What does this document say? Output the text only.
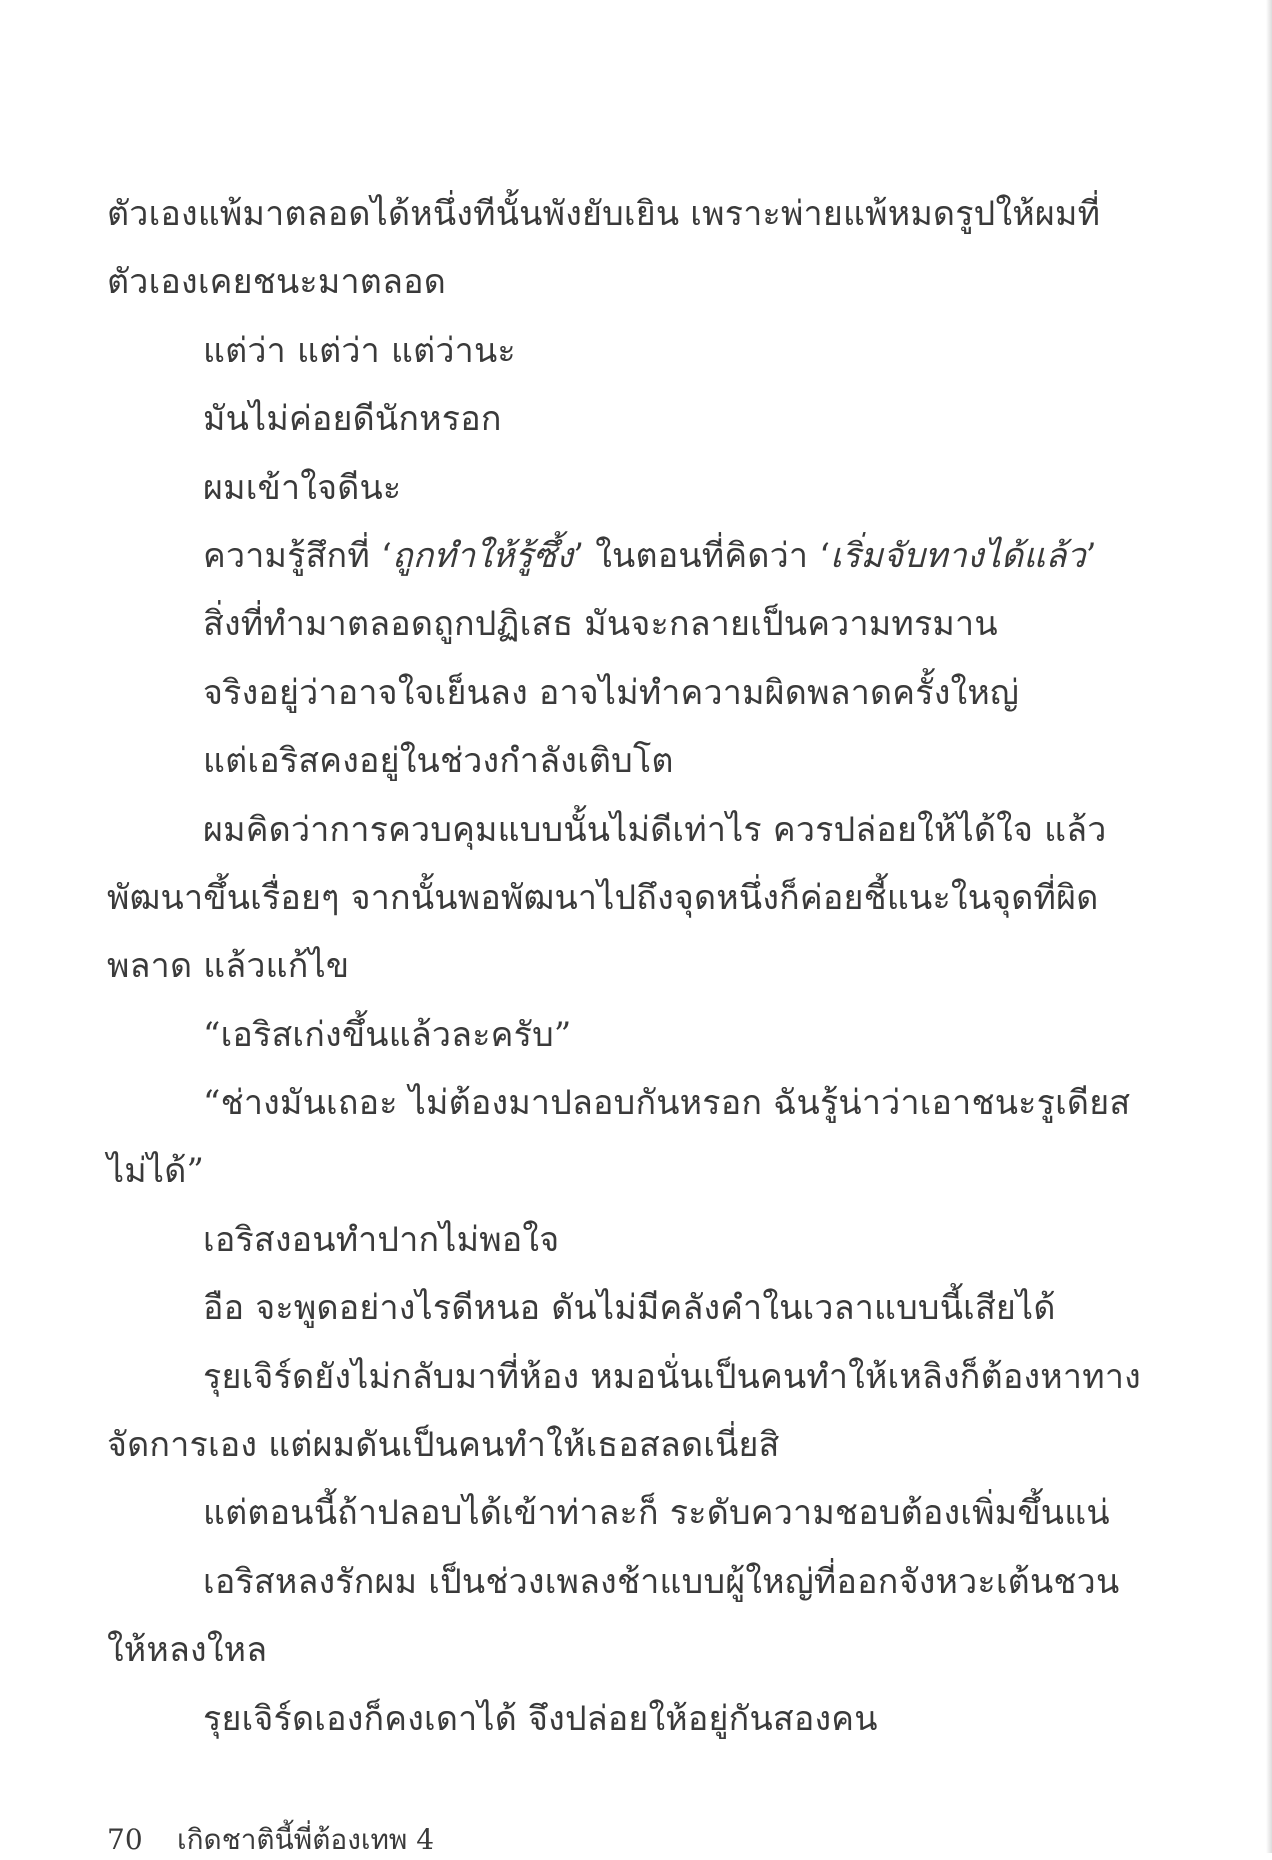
ตัวเองแพ้มาตลอดได้หนึ่งทีนั้นพังยับเยิน เพราะพ่ายแพ้หมดรูปให้ผมที่
ตัวเองเคยชนะมาตลอด
แต่ว่า แต่ว่า แต่ว่านะ
มันไม่ค่อยดีนักหรอก
ผมเข้าใจดีนะ
ความรู้สึกที่ ‘ถูกทำให้รู้ซึ้ง’ ในตอนที่คิดว่า ‘เริ่มจับทางได้แล้ว’
สิ่งที่ทำมาตลอดถูกปฏิเสธ มันจะกลายเป็นความทรมาน
จริงอยู่ว่าอาจใจเย็นลง อาจไม่ทำความผิดพลาดครั้งใหญ่
แต่เอริสคงอยู่ในช่วงกำลังเติบโต
ผมคิดว่าการควบคุมแบบนั้นไม่ดีเท่าไร ควรปล่อยให้ได้ใจ แล้ว
พัฒนาขึ้นเรื่อยๆ จากนั้นพอพัฒนาไปถึงจุดหนึ่งก็ค่อยชี้แนะในจุดที่ผิด
พลาด แล้วแก้ไข
“เอริสเก่งขึ้นแล้วละครับ”
“ช่างมันเถอะ ไม่ต้องมาปลอบกันหรอก ฉันรู้น่าว่าเอาชนะรูเดียส
ไม่ได้”
เอริสงอนทำปากไม่พอใจ
อือ จะพูดอย่างไรดีหนอ ดันไม่มีคลังคำในเวลาแบบนี้เสียได้
รุยเจิร์ดยังไม่กลับมาที่ห้อง หมอนั่นเป็นคนทำให้เหลิงก็ต้องหาทาง
จัดการเอง แต่ผมดันเป็นคนทำให้เธอสลดเนี่ยสิ
แต่ตอนนี้ถ้าปลอบได้เข้าท่าละก็ ระดับความชอบต้องเพิ่มขึ้นแน่
เอริสหลงรักผม เป็นช่วงเพลงช้าแบบผู้ใหญ่ที่ออกจังหวะเต้นชวน
ให้หลงใหล
รุยเจิร์ดเองก็คงเดาได้ จึงปล่อยให้อยู่กันสองคน
70 เกิดชาตินี้พี่ต้องเทพ 4
